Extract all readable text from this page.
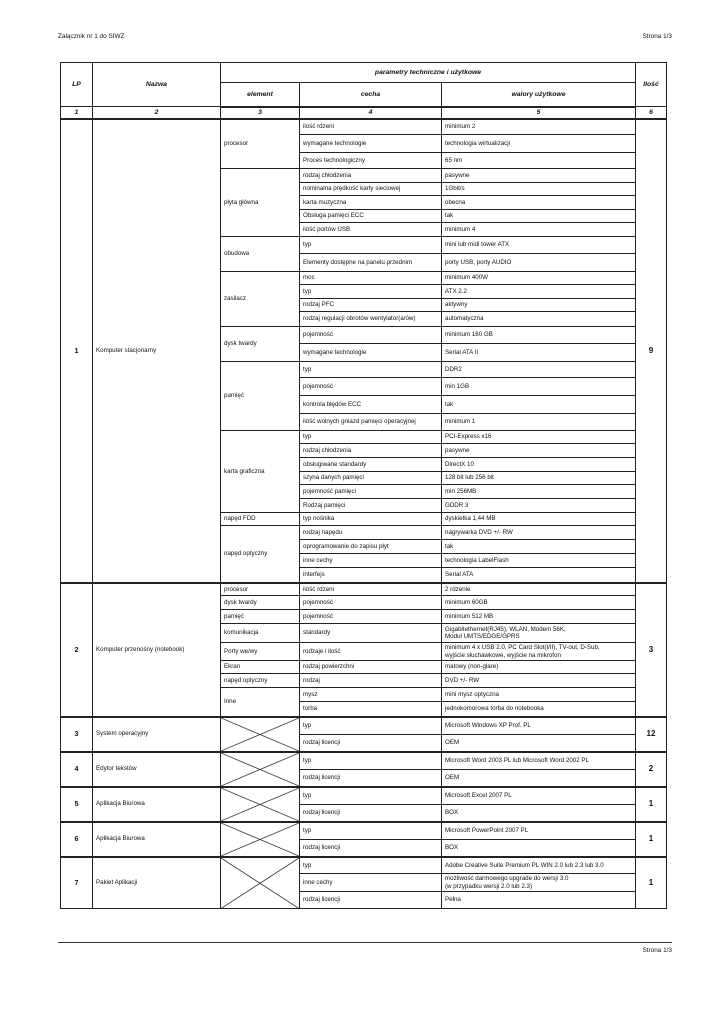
Załącznik nr 1 do SIWZ	Strona 1/3
LP	Nazwa	parametry techniczne i użytkowe			Ilość
		element	cecha	walory użytkowe	
1	2	3	4	5	6
1	Komputer stacjonarny	procesor	ilość rdzeni	minimum 2	9
			wymagane technologie	technologia wirtualizacji	
			Proces technologiczny	65 nm	
		płyta główna	rodzaj chłodzenia	pasywne	
			nominalna prędkość karty sieciowej	1Gbit/s	
			karta muzyczna	obecna	
			Obsługa pamięci ECC	tak	
			ilość portów USB	minimum 4	
		obudowa	typ	mini lub midi tower ATX	
			Elementy dostępne na panelu przednim	porty USB, porty AUDIO	
		zasilacz	moc	minimum 400W	
			typ	ATX 2.2	
			rodzaj PFC	aktywny	
			rodzaj regulacji obrotów wentylator(a/ów)	automatyczna	
		dysk twardy	pojemność	minimum 160 GB	
			wymagane technologie	Serial ATA II	
		pamięć	typ	DDR2	
			pojemność	min 1GB	
			kontrola błędów ECC	tak	
			ilość wolnych gniazd pamięci operacyjnej	minimum 1	
		karta graficzna	typ	PCI-Express x16	
			rodzaj chłodzenia	pasywne	
			obsługiwane standardy	DirectX 10	
			szyna danych pamięci	128 bit lub 256 bit	
			pojemność pamięci	min 256MB	
			Rodzaj pamięci	GDDR 3	
		napęd FDD	typ nośnika	dyskietka 1,44 MB	
		napęd optyczny	rodzaj napędu	nagrywarka DVD +/- RW	
			oprogramowanie do zapisu płyt	tak	
			inne cechy	technologia LabelFlash	
			interfejs	Serial ATA	
2	Komputer przenośny (notebook)	procesor	ilość rdzeni	2 rdzenie	3
		dysk twardy	pojemność	minimum 60GB	
		pamięć	pojemność	minimum 512 MB	
		komunikacja	standardy	Gigabitethernet(RJ45), WLAN, Modem 56K,
Moduł UMTS/EDGE/GPRS	
		Porty we/wy	rodzaje i ilość	minimum 4 x USB 2.0, PC Card Slot(I/II), TV-out, D-Sub,
wyjście słuchawkowe, wyjście na mikrofon	
		Ekran	rodzaj powierzchni	matowy (non-glare)	
		napęd optyczny	rodzaj	DVD +/- RW	
		Inne	mysz	mini mysz optyczna	
			torba	jednokomorowa torba do notebooka	
3	System operacyjny		typ	Microsoft Windows XP Prof. PL	12
			rodzaj licencji	OEM	
4	Edytor tekstów		typ	Microsoft Word 2003 PL lub Microsoft Word 2002 PL	2
			rodzaj licencji	OEM	
5	Aplikacja Biurowa		typ	Microsoft Excel 2007 PL	1
			rodzaj licencji	BOX	
6	Aplikacja Biurowa		typ	Microsoft PowerPoint 2007 PL	1
			rodzaj licencji	BOX	
7	Pakiet Aplikacji		typ	Adobe Creative Suite Premium PL WIN 2.0 lub 2.3 lub 3.0	1
			inne cechy	możliwość darmowego upgrade do wersji 3.0
(w przypadku wersji 2.0 lub 2.3)	
			rodzaj licencji	Pełna	
Strona 1/3
